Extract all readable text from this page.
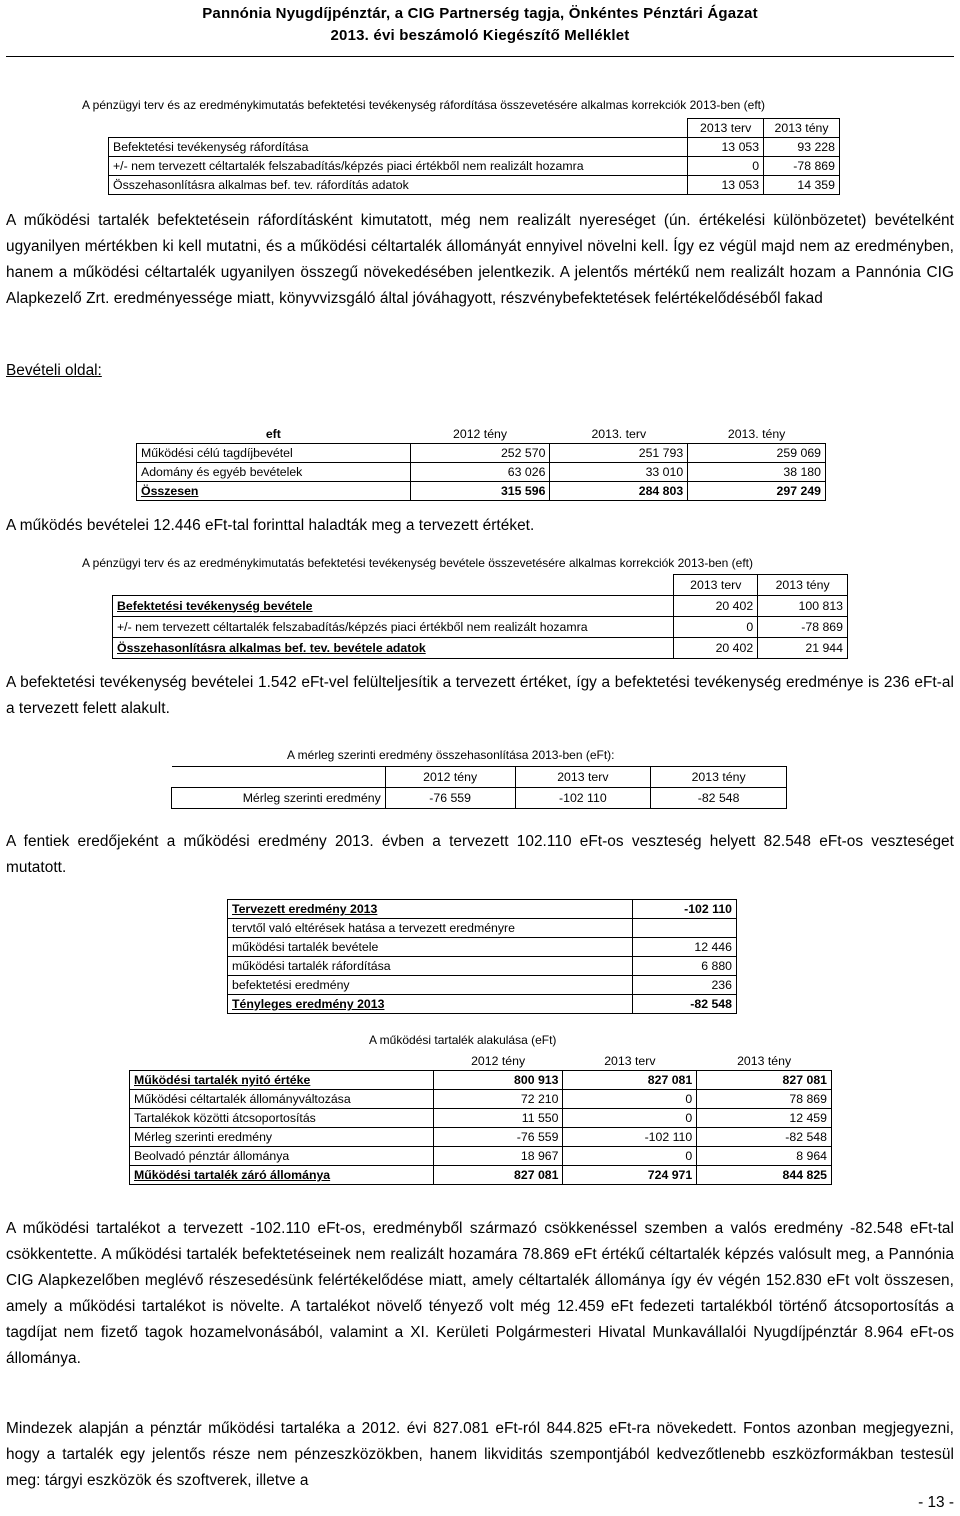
Pannónia Nyugdíjpénztár, a CIG Partnerség tagja, Önkéntes Pénztári Ágazat
2013. évi beszámoló Kiegészítő Melléklet
A pénzügyi terv és az eredménykimutatás befektetési tevékenység ráfordítása összevetésére alkalmas korrekciók 2013-ben (eft)
	2013 terv	2013 tény
Befektetési tevékenység ráfordítása	13 053	93 228
+/- nem tervezett céltartalék felszabadítás/képzés piaci értékből nem realizált hozamra	0	-78 869
Összehasonlításra alkalmas bef. tev. ráfordítás adatok	13 053	14 359

A működési tartalék befektetésein ráfordításként kimutatott, még nem realizált nyereséget (ún. értékelési különbözetet) bevételként ugyanilyen mértékben ki kell mutatni, és a működési céltartalék állományát ennyivel növelni kell. Így ez végül majd nem az eredményben, hanem a működési céltartalék ugyanilyen összegű növekedésében jelentkezik. A jelentős mértékű nem realizált hozam a Pannónia CIG Alapkezelő Zrt. eredményessége miatt, könyvvizsgáló által jóváhagyott, részvénybefektetések felértékelődéséből fakad

Bevételi oldal:
eft	2012 tény	2013. terv	2013. tény
Működési célú tagdíjbevétel	252 570	251 793	259 069
Adomány és egyéb bevételek	63 026	33 010	38 180
Összesen	315 596	284 803	297 249

A működés bevételei 12.446 eFt-tal forinttal haladták meg a tervezett értéket.

A pénzügyi terv és az eredménykimutatás befektetési tevékenység bevétele összevetésére alkalmas korrekciók 2013-ben (eft)
	2013 terv	2013 tény
Befektetési tevékenység bevétele	20 402	100 813
+/- nem tervezett céltartalék felszabadítás/képzés piaci értékből nem realizált hozamra	0	-78 869
Összehasonlításra alkalmas bef. tev. bevétele adatok	20 402	21 944

A befektetési tevékenység bevételei 1.542 eFt-vel felülteljesítik a tervezett értéket, így a befektetési tevékenység eredménye is 236 eFt-al a tervezett felett alakult.

A mérleg szerinti eredmény összehasonlítása 2013-ben (eFt):
	2012 tény	2013 terv	2013 tény
Mérleg szerinti eredmény	-76 559	-102 110	-82 548

A fentiek eredőjeként a működési eredmény 2013. évben a tervezett 102.110 eFt-os veszteség helyett 82.548 eFt-os veszteséget mutatott.

Tervezett eredmény 2013	-102 110
tervtől való eltérések hatása a tervezett eredményre	
működési tartalék bevétele	12 446
működési tartalék ráfordítása	6 880
befektetési eredmény	236
Tényleges eredmény 2013	-82 548
A működési tartalék alakulása (eFt)
	2012 tény	2013 terv	2013 tény
Működési tartalék nyitó értéke	800 913	827 081	827 081
Működési céltartalék állományváltozása	72 210	0	78 869
Tartalékok közötti átcsoportosítás	11 550	0	12 459
Mérleg szerinti eredmény	-76 559	-102 110	-82 548
Beolvadó pénztár állománya	18 967	0	8 964
Működési tartalék záró állománya	827 081	724 971	844 825

A működési tartalékot a tervezett -102.110 eFt-os, eredményből származó csökkenéssel szemben a valós eredmény -82.548 eFt-tal csökkentette. A működési tartalék befektetéseinek nem realizált hozamára 78.869 eFt értékű céltartalék képzés valósult meg, a Pannónia CIG Alapkezelőben meglévő részesedésünk felértékelődése miatt, amely céltartalék állománya így év végén 152.830 eFt volt összesen, amely a működési tartalékot is növelte. A tartalékot növelő tényező volt még 12.459 eFt fedezeti tartalékból történő átcsoportosítás a tagdíjat nem fizető tagok hozamelvonásából, valamint a XI. Kerületi Polgármesteri Hivatal Munkavállalói Nyugdíjpénztár 8.964 eFt-os állománya.

Mindezek alapján a pénztár működési tartaléka a 2012. évi 827.081 eFt-ról 844.825 eFt-ra növekedett. Fontos azonban megjegyezni, hogy a tartalék egy jelentős része nem pénzeszközökben, hanem likviditás szempontjából kedvezőtlenebb eszközformákban testesül meg: tárgyi eszközök és szoftverek, illetve a

- 13 -
